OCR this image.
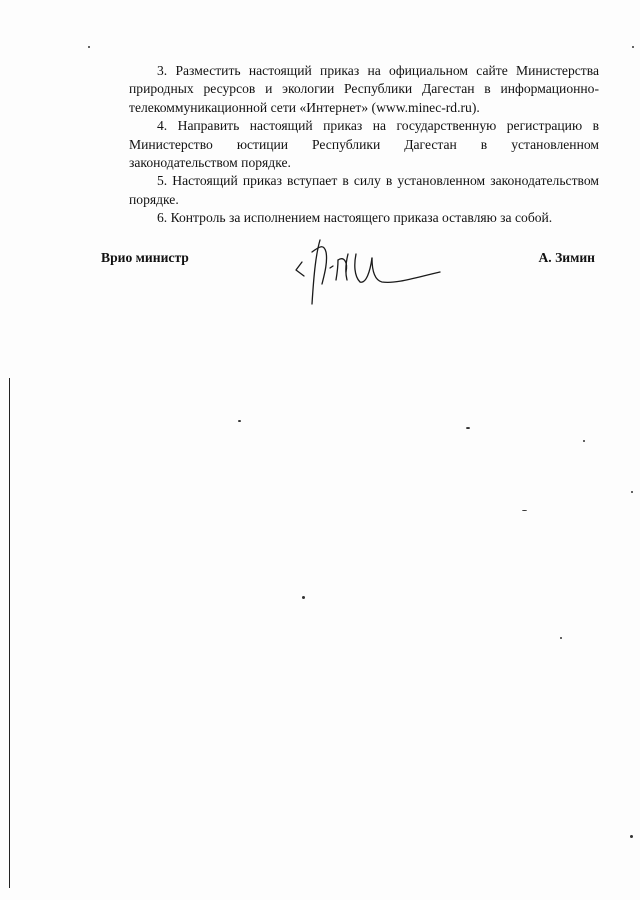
3. Разместить настоящий приказ на официальном сайте Министерства
природных ресурсов и экологии Республики Дагестан в информационно-
телекоммуникационной сети «Интернет» (www.minec-rd.ru).
4. Направить настоящий приказ на государственную регистрацию в
Министерство юстиции Республики Дагестан в установленном
законодательством порядке.
5. Настоящий приказ вступает в силу в установленном законодательством
порядке.
6. Контроль за исполнением настоящего приказа оставляю за собой.
Врио министр	А. Зимин
